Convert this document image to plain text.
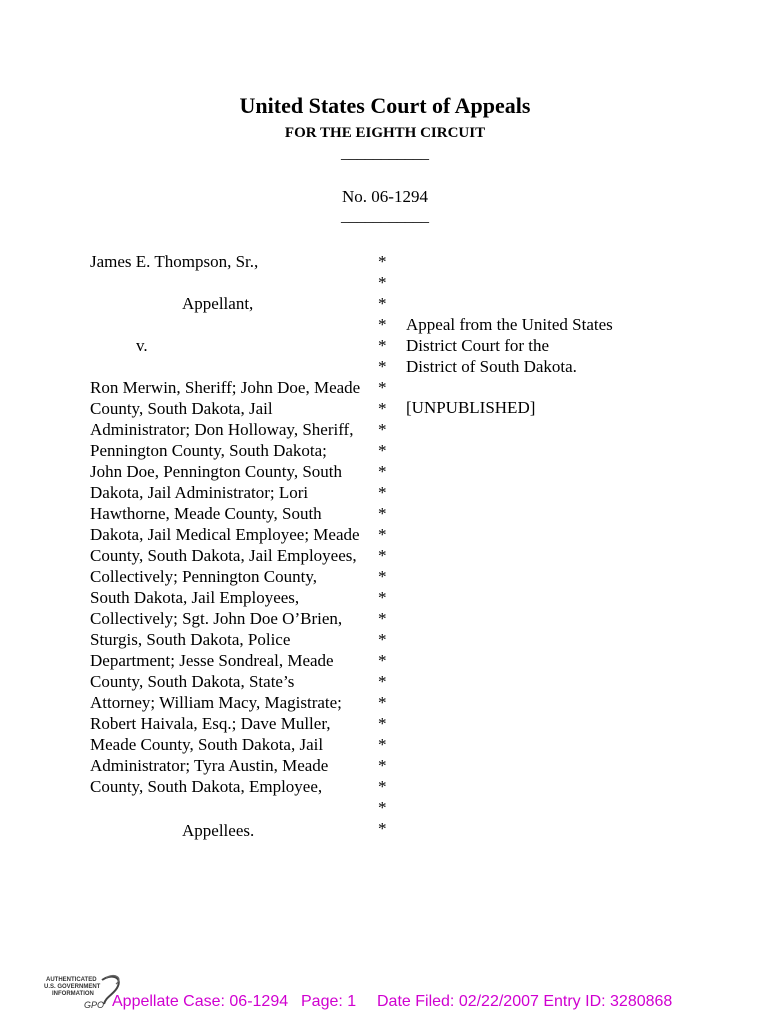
United States Court of Appeals
FOR THE EIGHTH CIRCUIT
___________
No. 06-1294
___________
James E. Thompson, Sr.,
Appellant,
v.
Ron Merwin, Sheriff; John Doe, Meade
County, South Dakota, Jail
Administrator; Don Holloway, Sheriff,
Pennington County, South Dakota;
John Doe, Pennington County, South
Dakota, Jail Administrator; Lori
Hawthorne, Meade County, South
Dakota, Jail Medical Employee; Meade
County, South Dakota, Jail Employees,
Collectively; Pennington County,
South Dakota, Jail Employees,
Collectively; Sgt. John Doe O’Brien,
Sturgis, South Dakota, Police
Department; Jesse Sondreal, Meade
County, South Dakota, State’s
Attorney; William Macy, Magistrate;
Robert Haivala, Esq.; Dave Muller,
Meade County, South Dakota, Jail
Administrator; Tyra Austin, Meade
County, South Dakota, Employee,
Appellees.
*
*
*
*
*
*
*
*
*
*
*
*
*
*
*
*
*
*
*
*
*
*
*
*
*
*
*
*
Appeal from the United States
District Court for the
District of South Dakota.
[UNPUBLISHED]
AUTHENTICATED
U.S. GOVERNMENT
INFORMATION
GPO Appellate Case: 06-1294 Page: 1 Date Filed: 02/22/2007 Entry ID: 3280868
